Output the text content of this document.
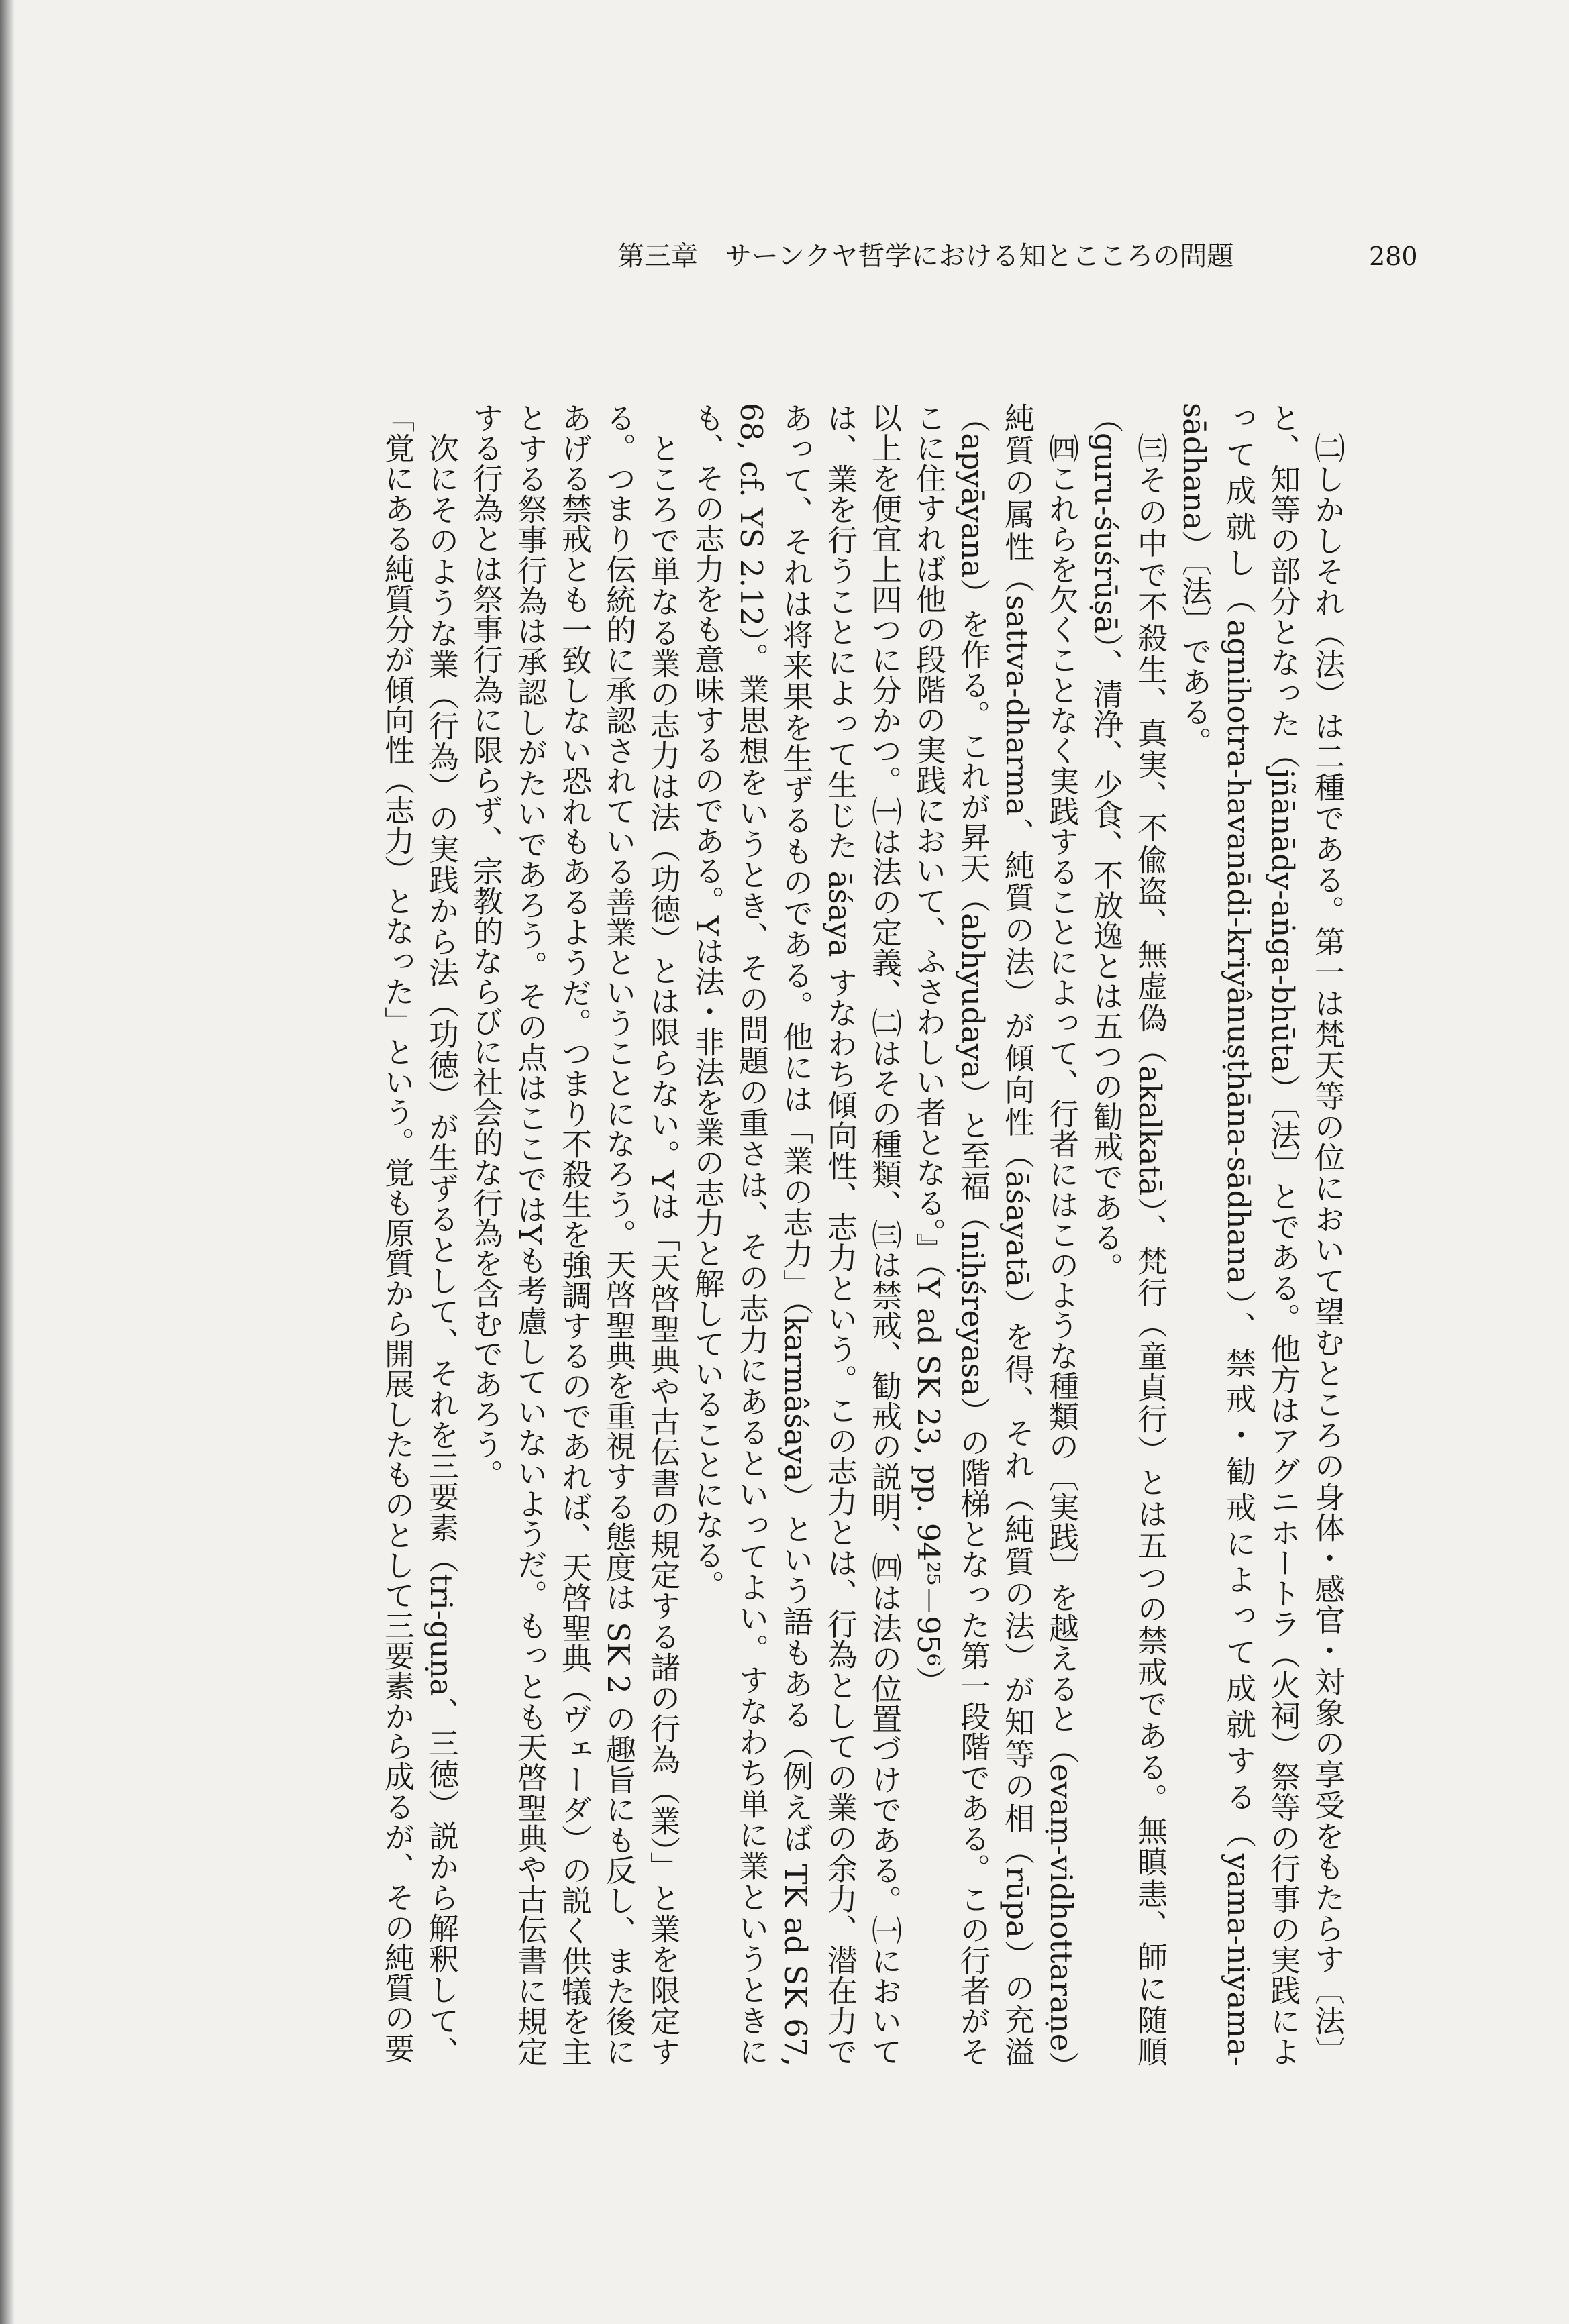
第三章　サーンクヤ哲学における知とこころの問題	280

㈡しかしそれ（法）は二種である。第一は梵天等の位において望むところの身体・感官・対象の享受をもたらす〔法〕と、知等の部分となった（jñānādy-aṅga-bhūta）〔法〕とである。他方はアグニホートラ（火祠）祭等の行事の実践によって成就し（agnihotra-havanādi-kriyânuṣṭhāna-sādhana）、禁戒・勧戒によって成就する（yama-niyama-sādhana）〔法〕である。

㈢その中で不殺生、真実、不偸盗、無虚偽（akalkatā）、梵行（童貞行）とは五つの禁戒である。無瞋恚、師に随順（guru-śuśrūṣā）、清浄、少食、不放逸とは五つの勧戒である。

㈣これらを欠くことなく実践することによって、行者にはこのような種類の〔実践〕を越えると（evaṃ-vidhottaraṇe）純質の属性（sattva-dharma、純質の法）が傾向性（āśayatā）を得、それ（純質の法）が知等の相（rūpa）の充溢（apyāyana）を作る。これが昇天（abhyudaya）と至福（niḥśreyasa）の階梯となった第一段階である。この行者がそこに住すれば他の段階の実践において、ふさわしい者となる。』（Y ad SK 23, pp. 94²⁵－95⁶）

以上を便宜上四つに分かつ。㈠は法の定義、㈡はその種類、㈢は禁戒、勧戒の説明、㈣は法の位置づけである。㈠においては、業を行うことによって生じた āśaya すなわち傾向性、志力という。この志力とは、行為としての業の余力、潜在力であって、それは将来果を生ずるものである。他には「業の志力」（karmâśaya）という語もある（例えば TK ad SK 67, 68, cf. YS 2.12）。業思想をいうとき、その問題の重さは、その志力にあるといってよい。すなわち単に業というときにも、その志力をも意味するのである。Yは法・非法を業の志力と解していることになる。

ところで単なる業の志力は法（功徳）とは限らない。Yは「天啓聖典や古伝書の規定する諸の行為（業）」と業を限定する。つまり伝統的に承認されている善業ということになろう。天啓聖典を重視する態度は SK 2 の趣旨にも反し、また後にあげる禁戒とも一致しない恐れもあるようだ。つまり不殺生を強調するのであれば、天啓聖典（ヴェーダ）の説く供犠を主とする祭事行為は承認しがたいであろう。その点はここではYも考慮していないようだ。もっとも天啓聖典や古伝書に規定する行為とは祭事行為に限らず、宗教的ならびに社会的な行為を含むであろう。

次にそのような業（行為）の実践から法（功徳）が生ずるとして、それを三要素（tri-guṇa、三徳）説から解釈して、「覚にある純質分が傾向性（志力）となった」という。覚も原質から開展したものとして三要素から成るが、その純質の要
